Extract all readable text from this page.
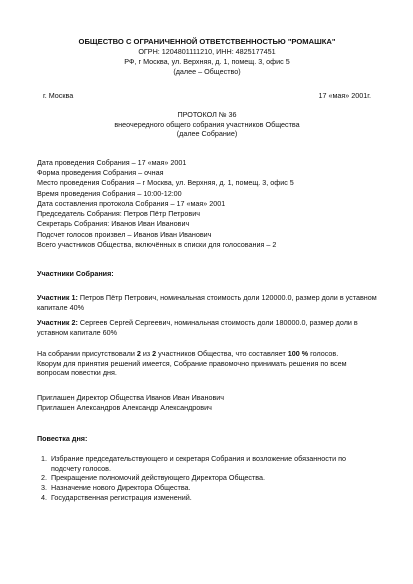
ОБЩЕСТВО С ОГРАНИЧЕННОЙ ОТВЕТСТВЕННОСТЬЮ "РОМАШКА"
ОГРН: 1204801111210, ИНН: 4825177451
РФ, г Москва, ул. Верхняя, д. 1, помещ. 3, офис 5
(далее – Общество)
г. Москва	17 «мая» 2001г.
ПРОТОКОЛ № 36
внеочередного общего собрания участников Общества
(далее Собрание)
Дата проведения Собрания – 17 «мая» 2001
Форма проведения Собрания – очная
Место проведения Собрания – г Москва, ул. Верхняя, д. 1, помещ. 3, офис 5
Время проведения Собрания – 10:00-12:00
Дата составления протокола Собрания – 17 «мая» 2001
Председатель Собрания: Петров Пётр Петрович
Секретарь Собрания: Иванов Иван Иванович
Подсчет голосов произвел – Иванов Иван Иванович
Всего участников Общества, включённых в списки для голосования – 2
Участники Собрания:
Участник 1: Петров Пётр Петрович, номинальная стоимость доли 120000.0, размер доли в уставном капитале 40%
Участник 2: Сергеев Сергей Сергеевич, номинальная стоимость доли 180000.0, размер доли в уставном капитале 60%

На собрании присутствовали 2 из 2 участников Общества, что составляет 100 % голосов.

Кворум для принятия решений имеется, Собрание правомочно принимать решения по всем вопросам повестки дня.

Приглашен Директор Общества Иванов Иван Иванович
Приглашен Александров Александр Александрович
Повестка дня:
1. Избрание председательствующего и секретаря Собрания и возложение обязанности по подсчету голосов.
2. Прекращение полномочий действующего Директора Общества.
3. Назначение нового Директора Общества.
4. Государственная регистрация изменений.
